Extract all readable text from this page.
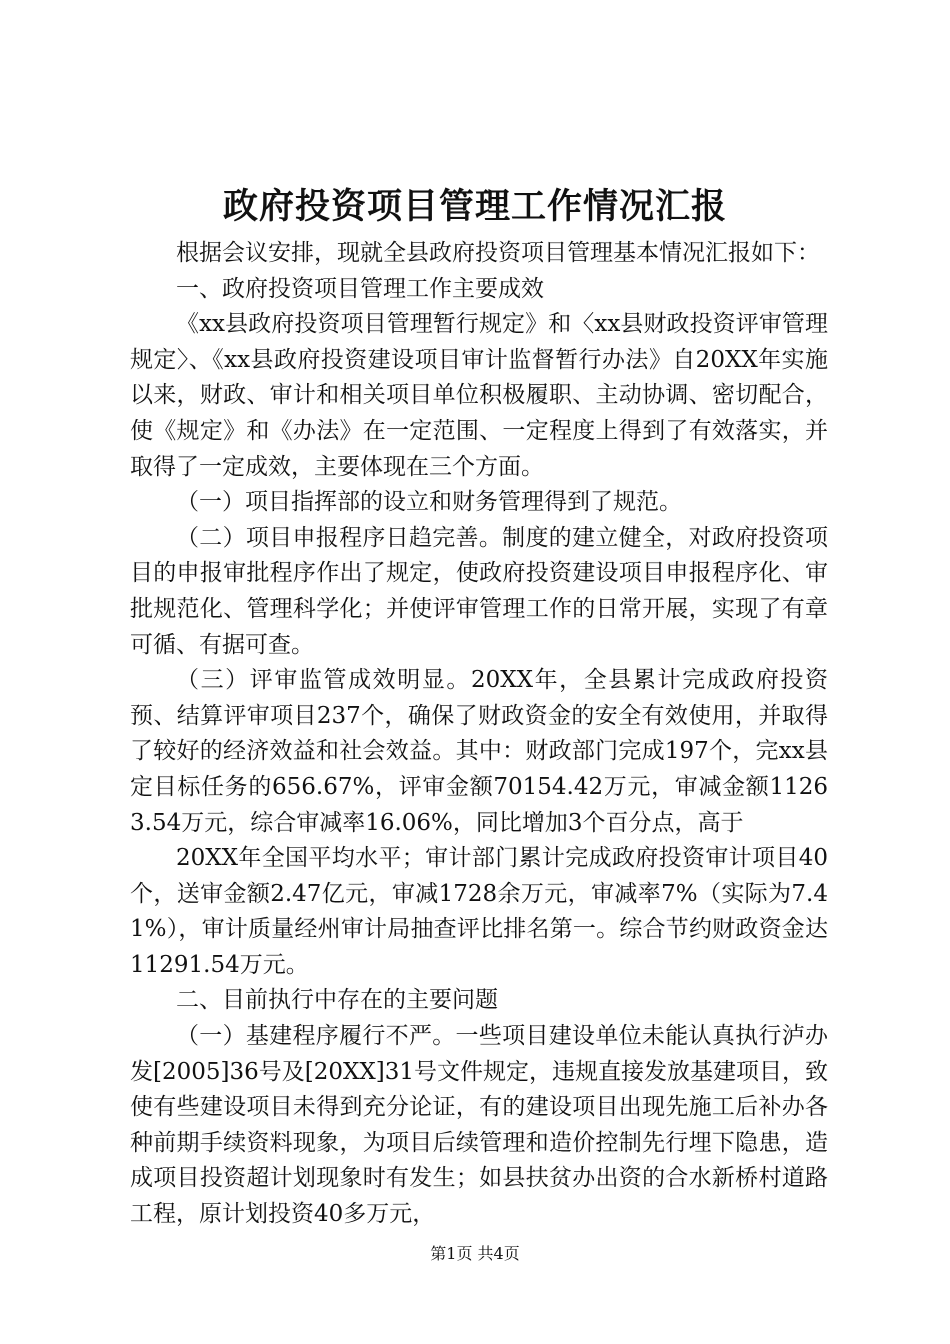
政府投资项目管理工作情况汇报

根据会议安排，现就全县政府投资项目管理基本情况汇报如下：

一、政府投资项目管理工作主要成效

《xx县政府投资项目管理暂行规定》和〈xx县财政投资评审管理规定〉、《xx县政府投资建设项目审计监督暂行办法》自20XX年实施以来，财政、审计和相关项目单位积极履职、主动协调、密切配合，使《规定》和《办法》在一定范围、一定程度上得到了有效落实，并取得了一定成效，主要体现在三个方面。

（一）项目指挥部的设立和财务管理得到了规范。

（二）项目申报程序日趋完善。制度的建立健全，对政府投资项目的申报审批程序作出了规定，使政府投资建设项目申报程序化、审批规范化、管理科学化；并使评审管理工作的日常开展，实现了有章可循、有据可查。

（三）评审监管成效明显。20XX年，全县累计完成政府投资预、结算评审项目237个，确保了财政资金的安全有效使用，并取得了较好的经济效益和社会效益。其中：财政部门完成197个，完xx县定目标任务的656.67%，评审金额70154.42万元，审减金额11263.54万元，综合审减率16.06%，同比增加3个百分点，高于

20XX年全国平均水平；审计部门累计完成政府投资审计项目40个，送审金额2.47亿元，审减1728余万元，审减率7%（实际为7.41%），审计质量经州审计局抽查评比排名第一。综合节约财政资金达11291.54万元。

二、目前执行中存在的主要问题

（一）基建程序履行不严。一些项目建设单位未能认真执行泸办发[2005]36号及[20XX]31号文件规定，违规直接发放基建项目，致使有些建设项目未得到充分论证，有的建设项目出现先施工后补办各种前期手续资料现象，为项目后续管理和造价控制先行埋下隐患，造成项目投资超计划现象时有发生；如县扶贫办出资的合水新桥村道路工程，原计划投资40多万元，

第1页 共4页
